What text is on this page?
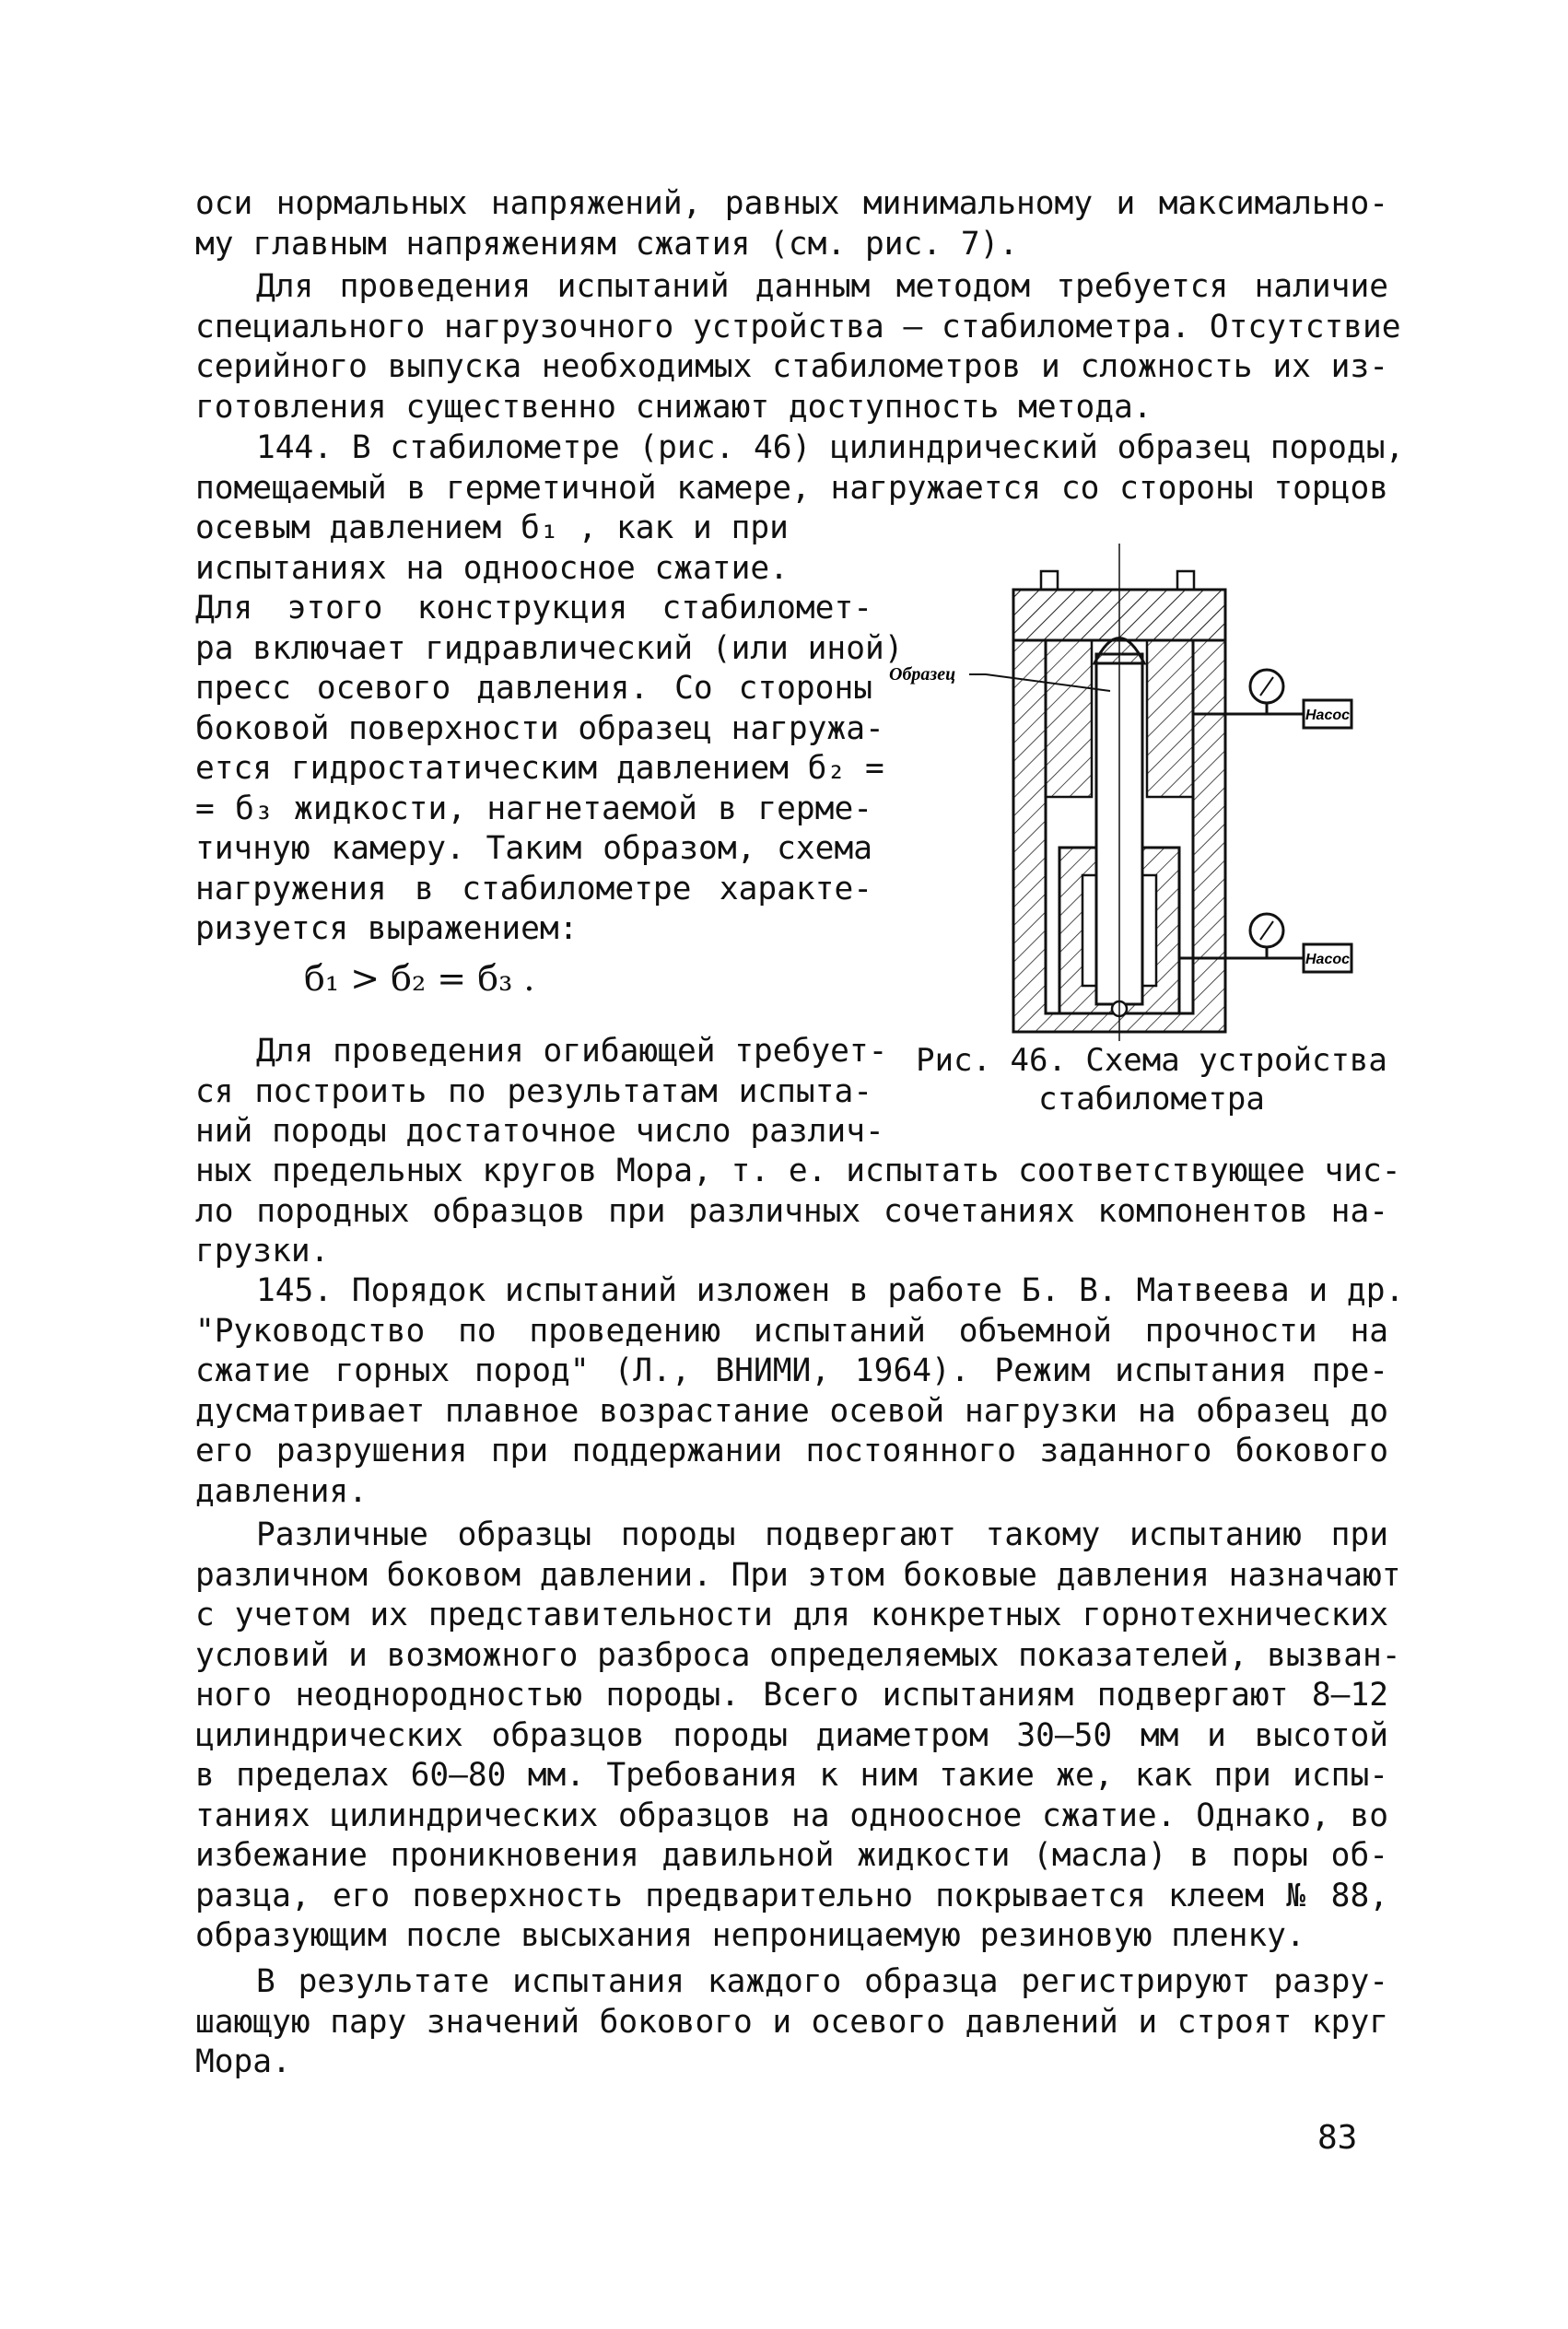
оси нормальных напряжений, равных минимальному и максимально-
му главным напряжениям сжатия (см. рис. 7).
Для проведения испытаний данным методом требуется наличие
специального нагрузочного устройства – стабилометра. Отсутствие
серийного выпуска необходимых стабилометров и сложность их из-
готовления существенно снижают доступность метода.
144. В стабилометре (рис. 46) цилиндрический образец породы,
помещаемый в герметичной камере, нагружается со стороны торцов
осевым давлением б₁ , как и при
испытаниях на одноосное сжатие.
Для этого конструкция стабиломет-
ра включает гидравлический (или иной)
пресс осевого давления. Со стороны
боковой поверхности образец нагружа-
ется гидростатическим давлением б₂ =
= б₃ жидкости, нагнетаемой в герме-
тичную камеру. Таким образом, схема
нагружения в стабилометре характе-
ризуется выражением:
б₁ > б₂ = б₃ .
Для проведения огибающей требует-
ся построить по результатам испыта-
ний породы достаточное число различ-
ных предельных кругов Мора, т. е. испытать соответствующее чис-
ло породных образцов при различных сочетаниях компонентов на-
грузки.
145. Порядок испытаний изложен в работе Б. В. Матвеева и др.
"Руководство по проведению испытаний объемной прочности на
сжатие горных пород" (Л., ВНИМИ, 1964). Режим испытания пре-
дусматривает плавное возрастание осевой нагрузки на образец до
его разрушения при поддержании постоянного заданного бокового
давления.
Различные образцы породы подвергают такому испытанию при
различном боковом давлении. При этом боковые давления назначают
с учетом их представительности для конкретных горнотехнических
условий и возможного разброса определяемых показателей, вызван-
ного неоднородностью породы. Всего испытаниям подвергают 8–12
цилиндрических образцов породы диаметром 30–50 мм и высотой
в пределах 60–80 мм. Требования к ним такие же, как при испы-
таниях цилиндрических образцов на одноосное сжатие. Однако, во
избежание проникновения давильной жидкости (масла) в поры об-
разца, его поверхность предварительно покрывается клеем № 88,
образующим после высыхания непроницаемую резиновую пленку.
В результате испытания каждого образца регистрируют разру-
шающую пару значений бокового и осевого давлений и строят круг
Мора.
Насос
Насос
Образец
Рис. 46. Схема устройства
стабилометра
83
